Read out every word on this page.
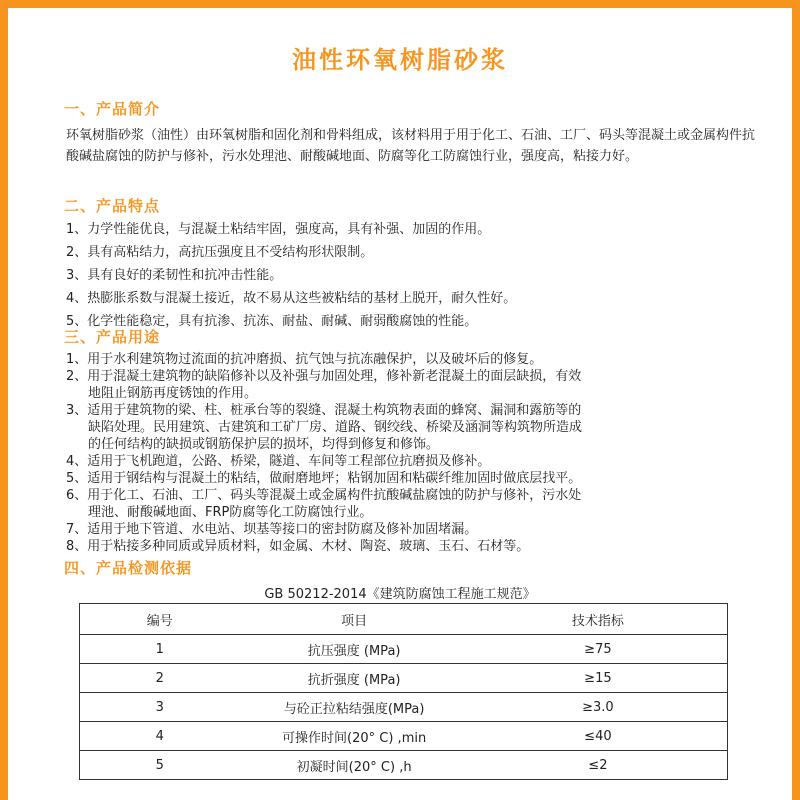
油性环氧树脂砂浆
一、产品简介
环氧树脂砂浆（油性）由环氧树脂和固化剂和骨料组成，该材料用于用于化工、石油、工厂、码头等混凝土或金属构件抗酸碱盐腐蚀的防护与修补，污水处理池、耐酸碱地面、防腐等化工防腐蚀行业，强度高，粘接力好。
二、产品特点
1、力学性能优良，与混凝土粘结牢固，强度高，具有补强、加固的作用。
2、具有高粘结力，高抗压强度且不受结构形状限制。
3、具有良好的柔韧性和抗冲击性能。
4、热膨胀系数与混凝土接近，故不易从这些被粘结的基材上脱开，耐久性好。
5、化学性能稳定，具有抗渗、抗冻、耐盐、耐碱、耐弱酸腐蚀的性能。
三、产品用途
1、用于水利建筑物过流面的抗冲磨损、抗气蚀与抗冻融保护，以及破坏后的修复。
2、用于混凝土建筑物的缺陷修补以及补强与加固处理，修补新老混凝土的面层缺损，有效
地阻止钢筋再度锈蚀的作用。
3、适用于建筑物的梁、柱、桩承台等的裂缝、混凝土构筑物表面的蜂窝、漏洞和露筋等的
缺陷处理。民用建筑、古建筑和工矿厂房、道路、钢绞线、桥梁及涵洞等构筑物所造成
的任何结构的缺损或钢筋保护层的损坏，均得到修复和修饰。
4、适用于飞机跑道，公路、桥梁，隧道、车间等工程部位抗磨损及修补。
5、适用于钢结构与混凝土的粘结，做耐磨地坪；粘钢加固和粘碳纤维加固时做底层找平。
6、用于化工、石油、工厂、码头等混凝土或金属构件抗酸碱盐腐蚀的防护与修补，污水处
理池、耐酸碱地面、FRP防腐等化工防腐蚀行业。
7、适用于地下管道、水电站、坝基等接口的密封防腐及修补加固堵漏。
8、用于粘接多种同质或异质材料，如金属、木材、陶瓷、玻璃、玉石、石材等。
四、产品检测依据
GB 50212-2014《建筑防腐蚀工程施工规范》
编号	项目	技术指标
1	抗压强度 (MPa)	≥75
2	抗折强度 (MPa)	≥15
3	与砼正拉粘结强度(MPa)	≥3.0
4	可操作时间(20° C) ,min	≤40
5	初凝时间(20° C) ,h	≤2
